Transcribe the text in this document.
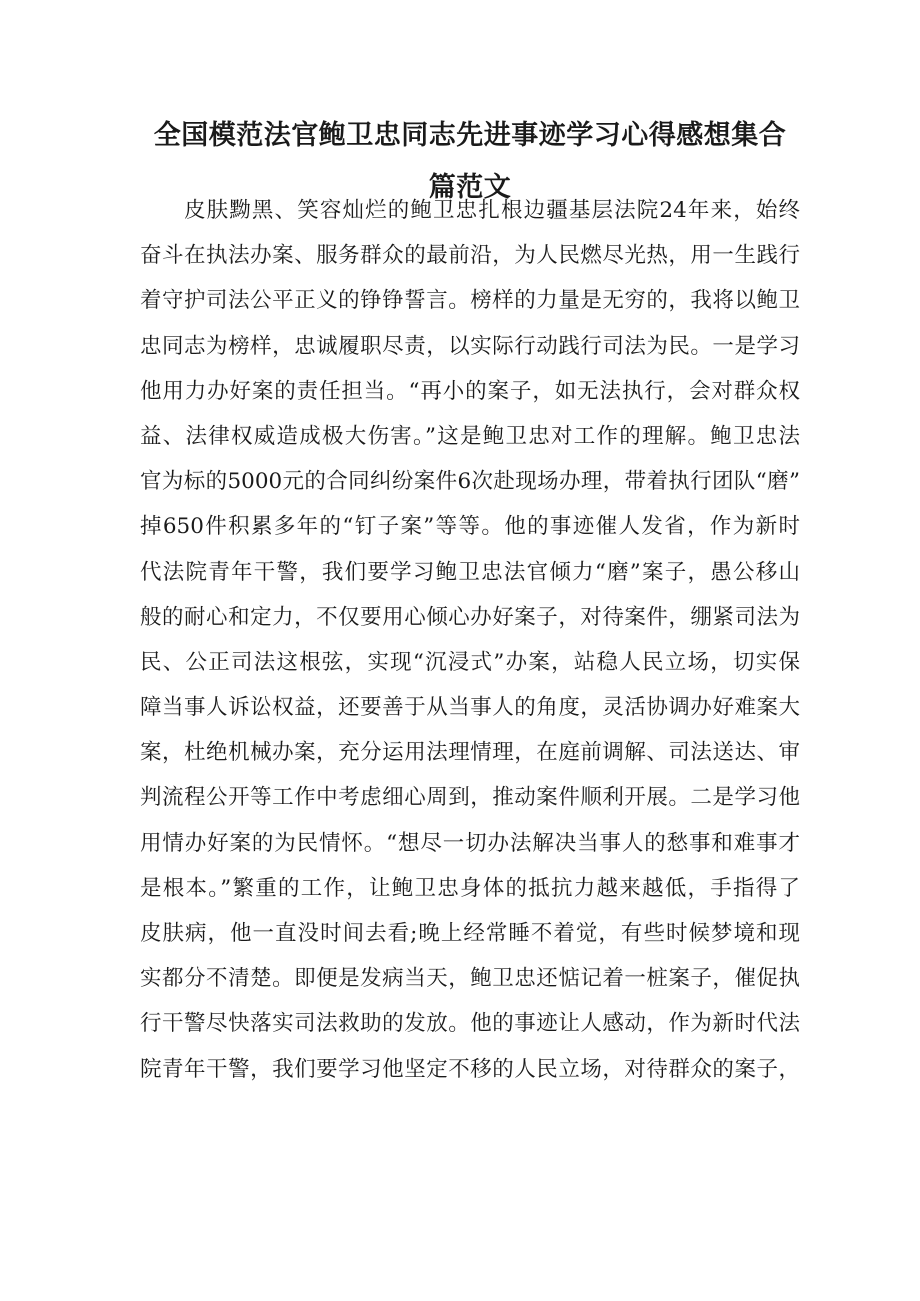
全国模范法官鲍卫忠同志先进事迹学习心得感想集合
篇范文
皮肤黝黑、笑容灿烂的鲍卫忠扎根边疆基层法院24年来，始终
奋斗在执法办案、服务群众的最前沿，为人民燃尽光热，用一生践行
着守护司法公平正义的铮铮誓言。榜样的力量是无穷的，我将以鲍卫
忠同志为榜样，忠诚履职尽责，以实际行动践行司法为民。一是学习
他用力办好案的责任担当。“再小的案子，如无法执行，会对群众权
益、法律权威造成极大伤害。”这是鲍卫忠对工作的理解。鲍卫忠法
官为标的5000元的合同纠纷案件6次赴现场办理，带着执行团队“磨”
掉650件积累多年的“钉子案”等等。他的事迹催人发省，作为新时
代法院青年干警，我们要学习鲍卫忠法官倾力“磨”案子，愚公移山
般的耐心和定力，不仅要用心倾心办好案子，对待案件，绷紧司法为
民、公正司法这根弦，实现“沉浸式”办案，站稳人民立场，切实保
障当事人诉讼权益，还要善于从当事人的角度，灵活协调办好难案大
案，杜绝机械办案，充分运用法理情理，在庭前调解、司法送达、审
判流程公开等工作中考虑细心周到，推动案件顺利开展。二是学习他
用情办好案的为民情怀。“想尽一切办法解决当事人的愁事和难事才
是根本。”繁重的工作，让鲍卫忠身体的抵抗力越来越低，手指得了
皮肤病，他一直没时间去看;晚上经常睡不着觉，有些时候梦境和现
实都分不清楚。即便是发病当天，鲍卫忠还惦记着一桩案子，催促执
行干警尽快落实司法救助的发放。他的事迹让人感动，作为新时代法
院青年干警，我们要学习他坚定不移的人民立场，对待群众的案子，
